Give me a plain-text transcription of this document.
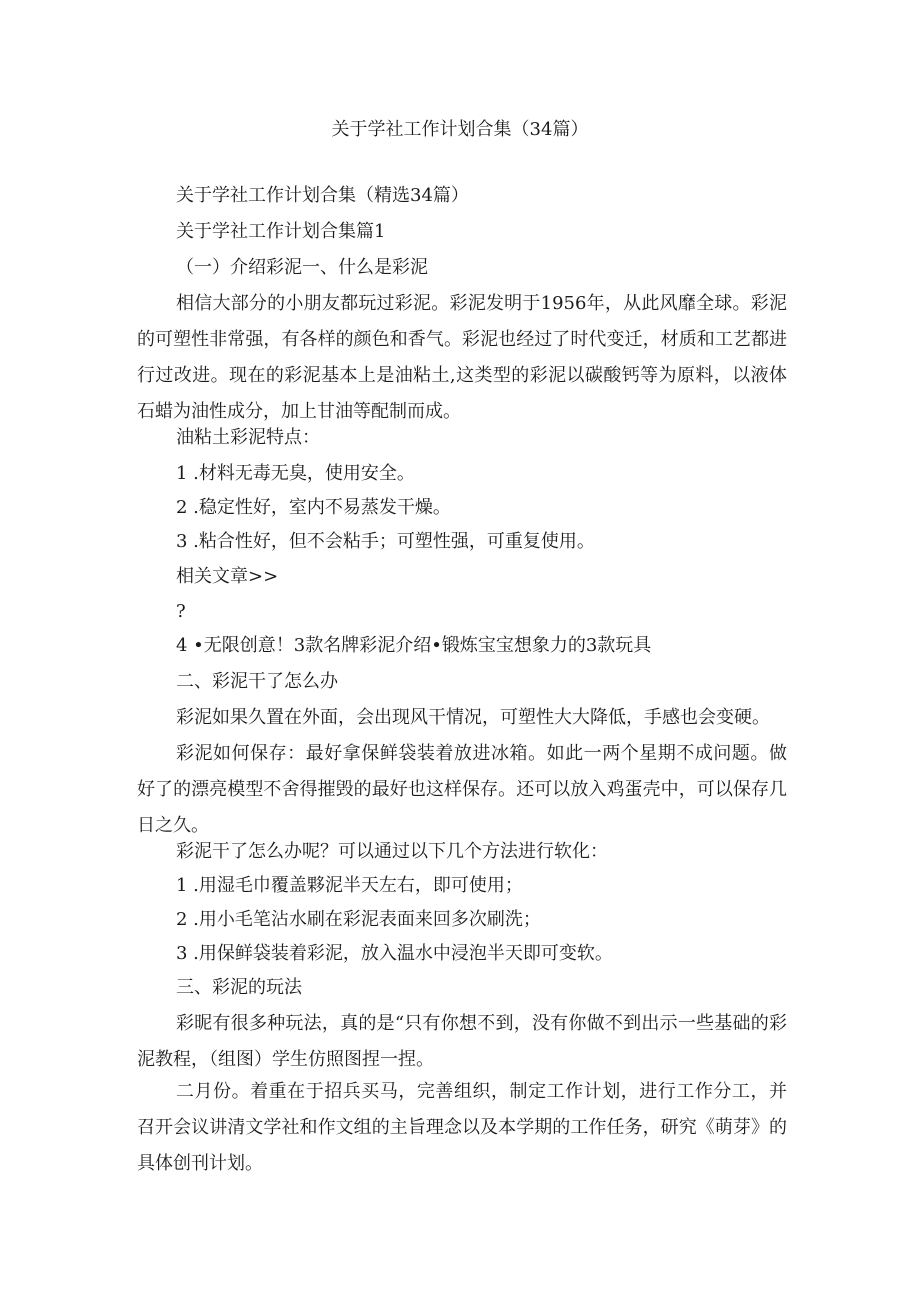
关于学社工作计划合集（34篇）
关于学社工作计划合集（精选34篇）
关于学社工作计划合集篇1
（一）介绍彩泥一、什么是彩泥
相信大部分的小朋友都玩过彩泥。彩泥发明于1956年，从此风靡全球。彩泥的可塑性非常强，有各样的颜色和香气。彩泥也经过了时代变迁，材质和工艺都进行过改进。现在的彩泥基本上是油粘土,这类型的彩泥以碳酸钙等为原料，以液体石蜡为油性成分，加上甘油等配制而成。
油粘土彩泥特点：
1 .材料无毒无臭，使用安全。
2 .稳定性好，室内不易蒸发干燥。
3 .粘合性好，但不会粘手；可塑性强，可重复使用。
相关文章>>
?
4 •无限创意！3款名牌彩泥介绍•锻炼宝宝想象力的3款玩具
二、彩泥干了怎么办
彩泥如果久置在外面，会出现风干情况，可塑性大大降低，手感也会变硬。
彩泥如何保存：最好拿保鲜袋装着放进冰箱。如此一两个星期不成问题。做好了的漂亮模型不舍得摧毁的最好也这样保存。还可以放入鸡蛋壳中，可以保存几日之久。
彩泥干了怎么办呢？可以通过以下几个方法进行软化：
1 .用湿毛巾覆盖夥泥半天左右，即可使用；
2 .用小毛笔沾水刷在彩泥表面来回多次刷洗；
3 .用保鲜袋装着彩泥，放入温水中浸泡半天即可变软。
三、彩泥的玩法
彩昵有很多种玩法，真的是“只有你想不到，没有你做不到出示一些基础的彩泥教程，（组图）学生仿照图捏一捏。
二月份。着重在于招兵买马，完善组织，制定工作计划，进行工作分工，并召开会议讲清文学社和作文组的主旨理念以及本学期的工作任务，研究《萌芽》的具体创刊计划。
